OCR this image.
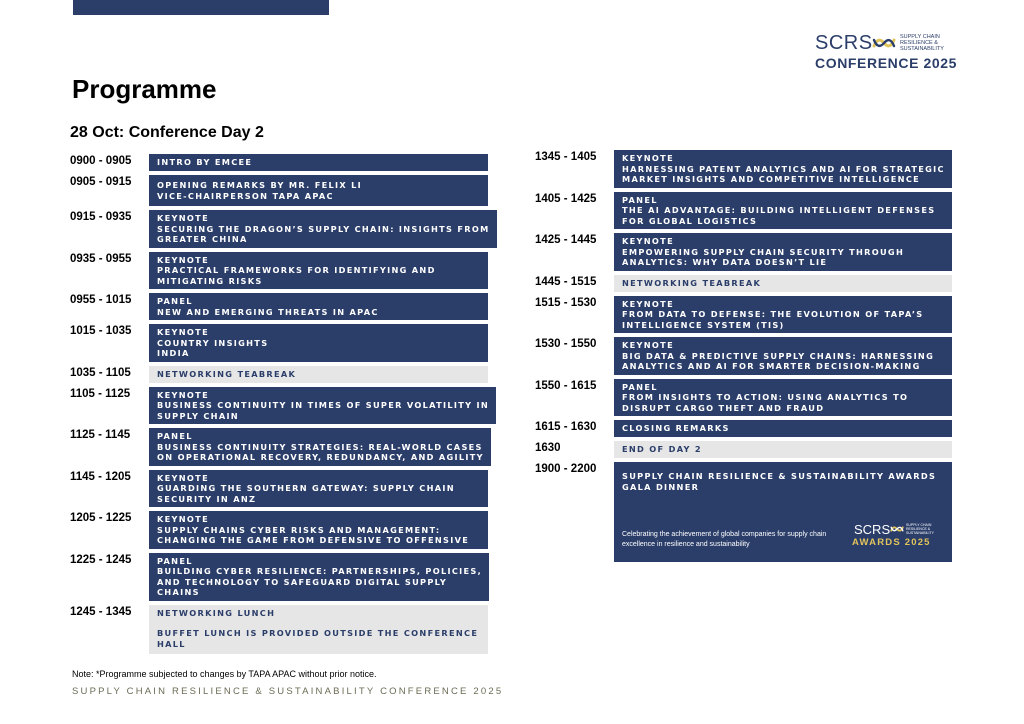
SCRS	SUPPLY CHAIN RESILIENCE & SUSTAINABILITY
CONFERENCE 2025
Programme
28 Oct: Conference Day 2
0900 - 0905	INTRO BY EMCEE
0905 - 0915	OPENING REMARKS BY MR. FELIX LI
VICE-CHAIRPERSON TAPA APAC
0915 - 0935	KEYNOTE
SECURING THE DRAGON’S SUPPLY CHAIN: INSIGHTS FROM
GREATER CHINA
0935 - 0955	KEYNOTE
PRACTICAL FRAMEWORKS FOR IDENTIFYING AND
MITIGATING RISKS
0955 - 1015	PANEL
NEW AND EMERGING THREATS IN APAC
1015 - 1035	KEYNOTE
COUNTRY INSIGHTS
INDIA
1035 - 1105	NETWORKING TEABREAK
1105 - 1125	KEYNOTE
BUSINESS CONTINUITY IN TIMES OF SUPER VOLATILITY IN
SUPPLY CHAIN
1125 - 1145	PANEL
BUSINESS CONTINUITY STRATEGIES: REAL-WORLD CASES
ON OPERATIONAL RECOVERY, REDUNDANCY, AND AGILITY
1145 - 1205	KEYNOTE
GUARDING THE SOUTHERN GATEWAY: SUPPLY CHAIN
SECURITY IN ANZ
1205 - 1225	KEYNOTE
SUPPLY CHAINS CYBER RISKS AND MANAGEMENT:
CHANGING THE GAME FROM DEFENSIVE TO OFFENSIVE
1225 - 1245	PANEL
BUILDING CYBER RESILIENCE: PARTNERSHIPS, POLICIES,
AND TECHNOLOGY TO SAFEGUARD DIGITAL SUPPLY
CHAINS
1245 - 1345	NETWORKING LUNCH
BUFFET LUNCH IS PROVIDED OUTSIDE THE CONFERENCE
HALL
1345 - 1405	KEYNOTE
HARNESSING PATENT ANALYTICS AND AI FOR STRATEGIC
MARKET INSIGHTS AND COMPETITIVE INTELLIGENCE
1405 - 1425	PANEL
THE AI ADVANTAGE: BUILDING INTELLIGENT DEFENSES
FOR GLOBAL LOGISTICS
1425 - 1445	KEYNOTE
EMPOWERING SUPPLY CHAIN SECURITY THROUGH
ANALYTICS: WHY DATA DOESN’T LIE
1445 - 1515	NETWORKING TEABREAK
1515 - 1530	KEYNOTE
FROM DATA TO DEFENSE: THE EVOLUTION OF TAPA’S
INTELLIGENCE SYSTEM (TIS)
1530 - 1550	KEYNOTE
BIG DATA & PREDICTIVE SUPPLY CHAINS: HARNESSING
ANALYTICS AND AI FOR SMARTER DECISION-MAKING
1550 - 1615	PANEL
FROM INSIGHTS TO ACTION: USING ANALYTICS TO
DISRUPT CARGO THEFT AND FRAUD
1615 - 1630	CLOSING REMARKS
1630	END OF DAY 2
1900 - 2200
SUPPLY CHAIN RESILIENCE & SUSTAINABILITY AWARDS
GALA DINNER
Celebrating the achievement of global companies for supply chain excellence in resilience and sustainability
SCRS	SUPPLY CHAIN RESILIENCE & SUSTAINABILITY
AWARDS 2025
Note: *Programme subjected to changes by TAPA APAC without prior notice.
SUPPLY CHAIN RESILIENCE & SUSTAINABILITY CONFERENCE 2025
